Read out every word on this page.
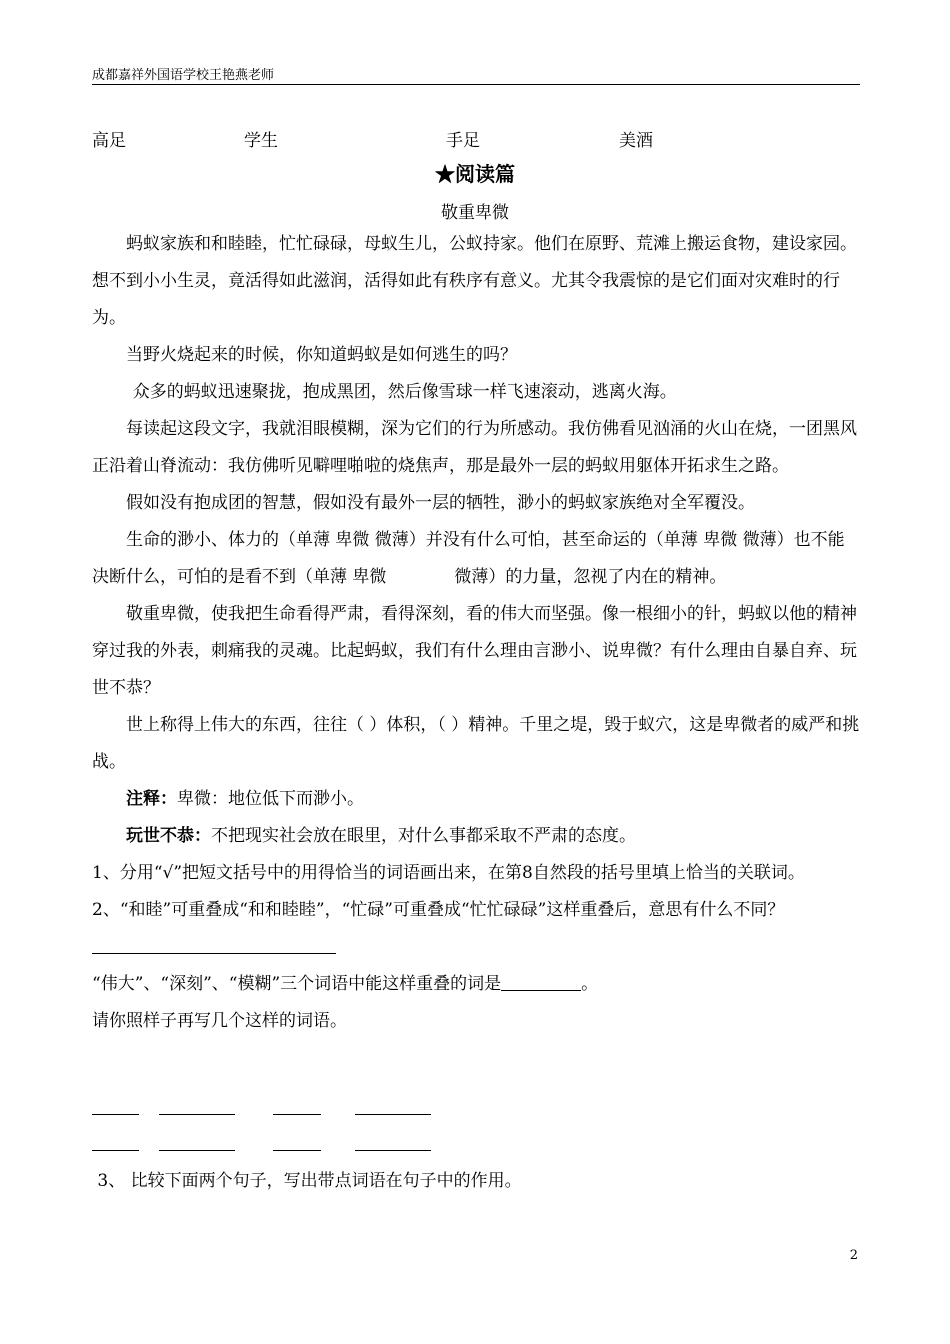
成都嘉祥外国语学校王艳燕老师
高足	学生	手足	美酒
★阅读篇
敬重卑微

蚂蚁家族和和睦睦，忙忙碌碌，母蚁生儿，公蚁持家。他们在原野、荒滩上搬运食物，建设家园。想不到小小生灵，竟活得如此滋润，活得如此有秩序有意义。尤其令我震惊的是它们面对灾难时的行为。

当野火烧起来的时候，你知道蚂蚁是如何逃生的吗？

众多的蚂蚁迅速聚拢，抱成黑团，然后像雪球一样飞速滚动，逃离火海。

每读起这段文字，我就泪眼模糊，深为它们的行为所感动。我仿佛看见汹涌的火山在烧，一团黑风正沿着山脊流动：我仿佛听见噼哩啪啦的烧焦声，那是最外一层的蚂蚁用躯体开拓求生之路。

假如没有抱成团的智慧，假如没有最外一层的牺牲，渺小的蚂蚁家族绝对全军覆没。

生命的渺小、体力的（单薄 卑微 微薄）并没有什么可怕，甚至命运的（单薄 卑微 微薄）也不能决断什么，可怕的是看不到（单薄 卑微	微薄）的力量，忽视了内在的精神。

敬重卑微，使我把生命看得严肃，看得深刻，看的伟大而坚强。像一根细小的针，蚂蚁以他的精神穿过我的外表，刺痛我的灵魂。比起蚂蚁，我们有什么理由言渺小、说卑微？有什么理由自暴自弃、玩世不恭？

世上称得上伟大的东西，往往（ ）体积，（ ）精神。千里之堤，毁于蚁穴，这是卑微者的威严和挑战。

注释：卑微：地位低下而渺小。

玩世不恭：不把现实社会放在眼里，对什么事都采取不严肃的态度。

1、分用“√”把短文括号中的用得恰当的词语画出来，在第8自然段的括号里填上恰当的关联词。

2、“和睦”可重叠成“和和睦睦”，“忙碌”可重叠成“忙忙碌碌”这样重叠后，意思有什么不同？

“伟大”、“深刻”、“模糊”三个词语中能这样重叠的词是	。

请你照样子再写几个这样的词语。

3、 比较下面两个句子，写出带点词语在句子中的作用。
2
